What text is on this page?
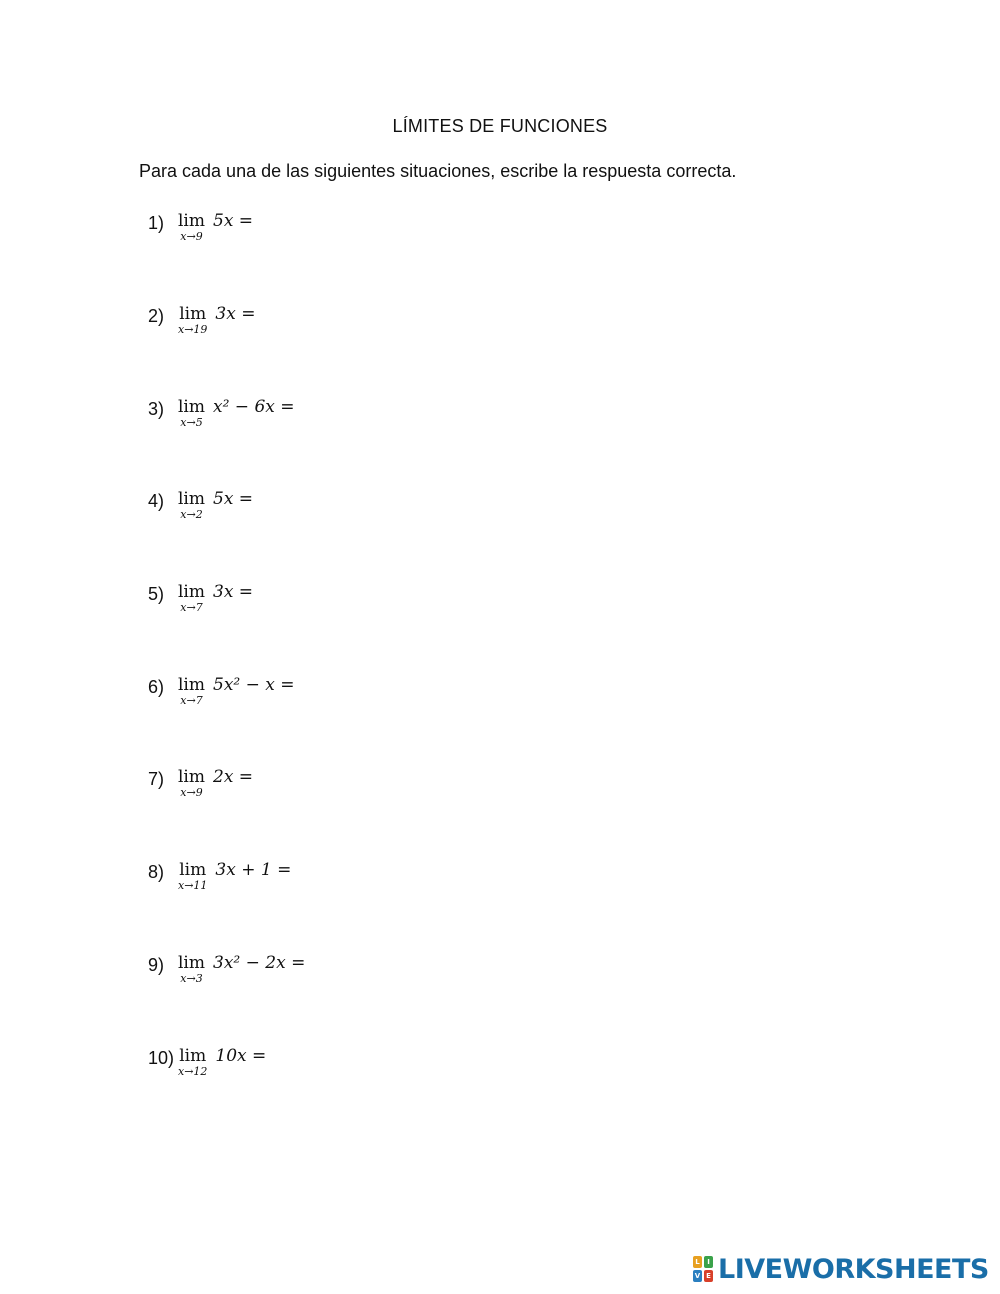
LÍMITES DE FUNCIONES
Para cada una de las siguientes situaciones, escribe la respuesta correcta.
1) lim
x→9
5x =
2) lim
x→19
3x =
3) lim
x→5
x² − 6x =
4) lim
x→2
5x =
5) lim
x→7
3x =
6) lim
x→7
5x² − x =
7) lim
x→9
2x =
8) lim
x→11
3x + 1 =
9) lim
x→3
3x² − 2x =
10) lim
x→12
10x =
L	I
V E LIVEWORKSHEETS
